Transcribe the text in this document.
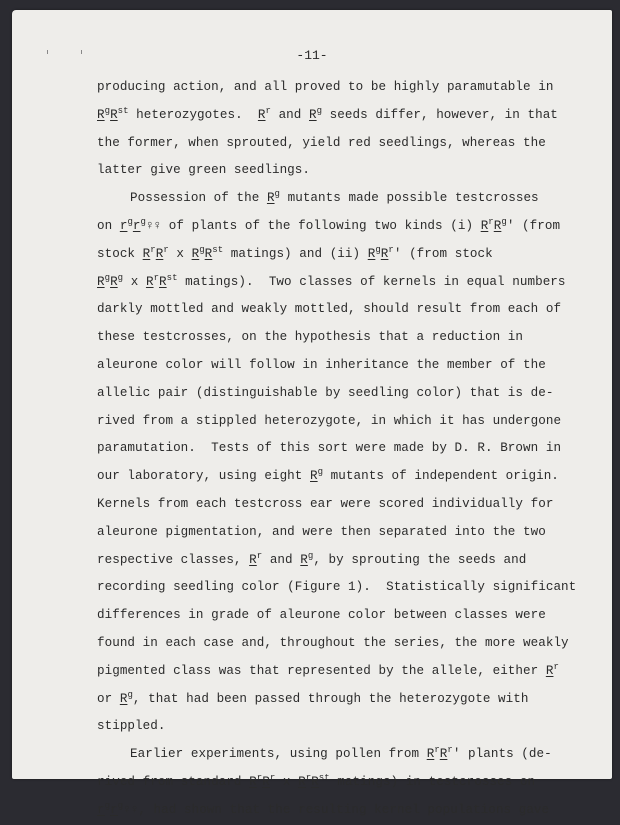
-11-
producing action, and all proved to be highly paramutable in
$R^gR^{st}$ heterozygotes.  $R^r$ and $R^g$ seeds differ, however, in that
the former, when sprouted, yield red seedlings, whereas the
latter give green seedlings.
Possession of the $R^g$ mutants made possible testcrosses
on $r^gr^g♀♀$ of plants of the following two kinds (i) $R^rR^g'$ (from
stock $R^rR^r$ x $R^gR^{st}$ matings) and (ii) $R^gR^r'$ (from stock
$R^gR^g$ x $R^rR^{st}$ matings).  Two classes of kernels in equal numbers
darkly mottled and weakly mottled, should result from each of
these testcrosses, on the hypothesis that a reduction in
aleurone color will follow in inheritance the member of the
allelic pair (distinguishable by seedling color) that is de-
rived from a stippled heterozygote, in which it has undergone
paramutation.  Tests of this sort were made by D. R. Brown in
our laboratory, using eight $R^g$ mutants of independent origin.
Kernels from each testcross ear were scored individually for
aleurone pigmentation, and were then separated into the two
respective classes, $R^r$ and $R^g$, by sprouting the seeds and
recording seedling color (Figure 1).  Statistically significant
differences in grade of aleurone color between classes were
found in each case and, throughout the series, the more weakly
pigmented class was that represented by the allele, either $R^r$
or $R^g$, that had been passed through the heterozygote with
stippled.
Earlier experiments, using pollen from $R^rR^r'$ plants (de-
rived from standard $R^rR^r$ x $R^rR^{st}$ matings) in testcrosses on
$r^gr^g♀♀$, had shown that the resulting kernel populations gave
